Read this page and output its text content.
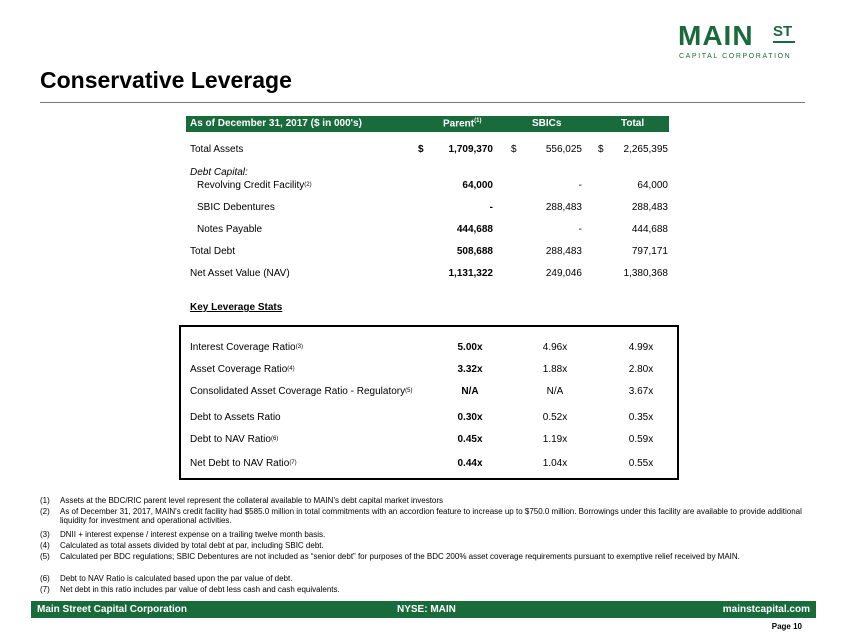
MAIN ST
CAPITAL CORPORATION
Conservative Leverage
As of December 31, 2017 ($ in 000's)	Parent$^{(1)}$	SBICs	Total
Total Assets	$	1,709,370 $	556,025 $	2,265,395
Debt Capital:
Revolving Credit Facility$^{(2)}$	64,000	-	64,000
SBIC Debentures	-	288,483	288,483
Notes Payable	444,688	-	444,688
Total Debt	508,688	288,483	797,171
Net Asset Value (NAV)	1,131,322	249,046	1,380,368
Key Leverage Stats
Interest Coverage Ratio$^{(3)}$	5.00x	4.96x	4.99x
Asset Coverage Ratio$^{(4)}$	3.32x	1.88x	2.80x
Consolidated Asset Coverage Ratio - Regulatory$^{(5)}$	N/A	N/A	3.67x
Debt to Assets Ratio	0.30x	0.52x	0.35x
Debt to NAV Ratio$^{(6)}$	0.45x	1.19x	0.59x
Net Debt to NAV Ratio$^{(7)}$	0.44x	1.04x	0.55x
(1) Assets at the BDC/RIC parent level represent the collateral available to MAIN's debt capital market investors
(2) As of December 31, 2017, MAIN's credit facility had $585.0 million in total commitments with an accordion feature to increase up to $750.0 million. Borrowings under this facility are available to provide additional liquidity for investment and operational activities.
(3) DNII + interest expense / interest expense on a trailing twelve month basis.
(4) Calculated as total assets divided by total debt at par, including SBIC debt.
(5) Calculated per BDC regulations; SBIC Debentures are not included as “senior debt” for purposes of the BDC 200% asset coverage requirements pursuant to exemptive relief received by MAIN.
(6) Debt to NAV Ratio is calculated based upon the par value of debt.
(7) Net debt in this ratio includes par value of debt less cash and cash equivalents.
Main Street Capital Corporation	NYSE: MAIN	mainstcapital.com
Page 10
